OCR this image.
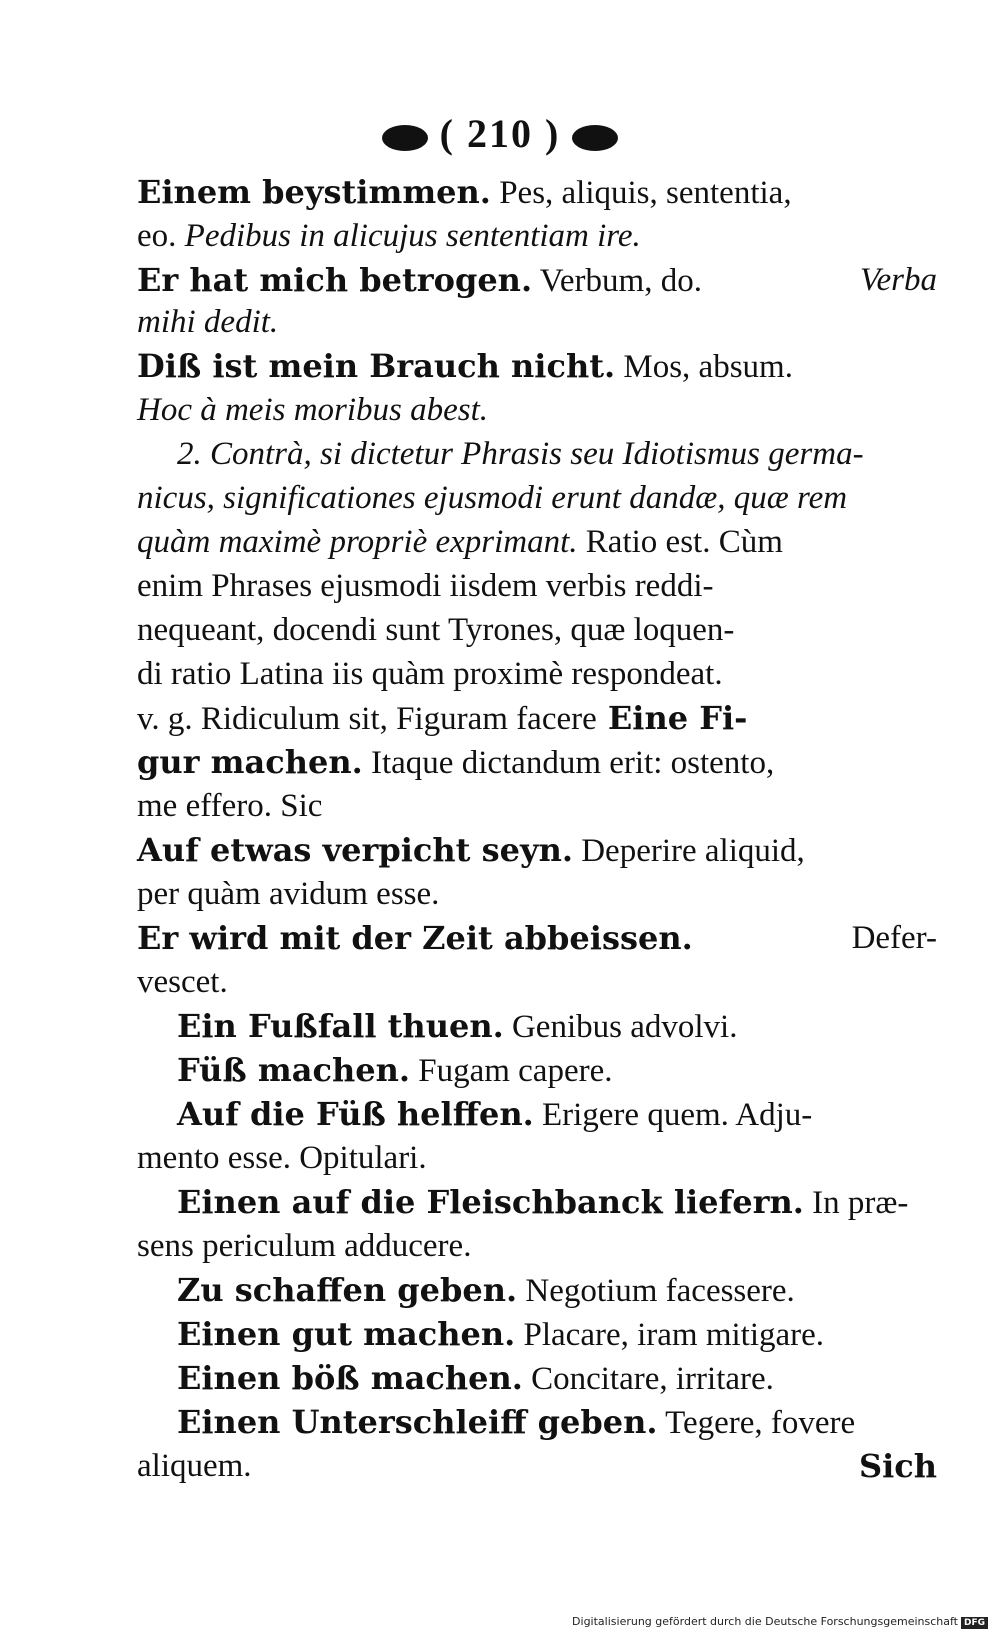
( 210 )
Einem beystimmen. Pes, aliquis, sententia,
eo. Pedibus in alicujus sententiam ire.
Er hat mich betrogen. Verbum, do.	Verba
mihi dedit.
Diß ist mein Brauch nicht. Mos, absum.
Hoc à meis moribus abest.
2. Contrà, si dictetur Phrasis seu Idiotismus germa-
nicus, significationes ejusmodi erunt dandæ, quæ rem
quàm maximè propriè exprimant. Ratio est. Cùm
enim Phrases ejusmodi iisdem verbis reddi-
nequeant, docendi sunt Tyrones, quæ loquen-
di ratio Latina iis quàm proximè respondeat.
v. g. Ridiculum sit, Figuram facere Eine Fi-
gur machen. Itaque dictandum erit: ostento,
me effero. Sic
Auf etwas verpicht seyn. Deperire aliquid,
per quàm avidum esse.
Er wird mit der Zeit abbeissen.	Defer-
vescet.
Ein Fußfall thuen. Genibus advolvi.
Füß machen. Fugam capere.
Auf die Füß helffen. Erigere quem. Adju-
mento esse. Opitulari.
Einen auf die Fleischbanck liefern. In præ-
sens periculum adducere.
Zu schaffen geben. Negotium facessere.
Einen gut machen. Placare, iram mitigare.
Einen böß machen. Concitare, irritare.
Einen Unterschleiff geben. Tegere, fovere
aliquem.	Sich
Digitalisierung gefördert durch die Deutsche Forschungsgemeinschaft DFG
